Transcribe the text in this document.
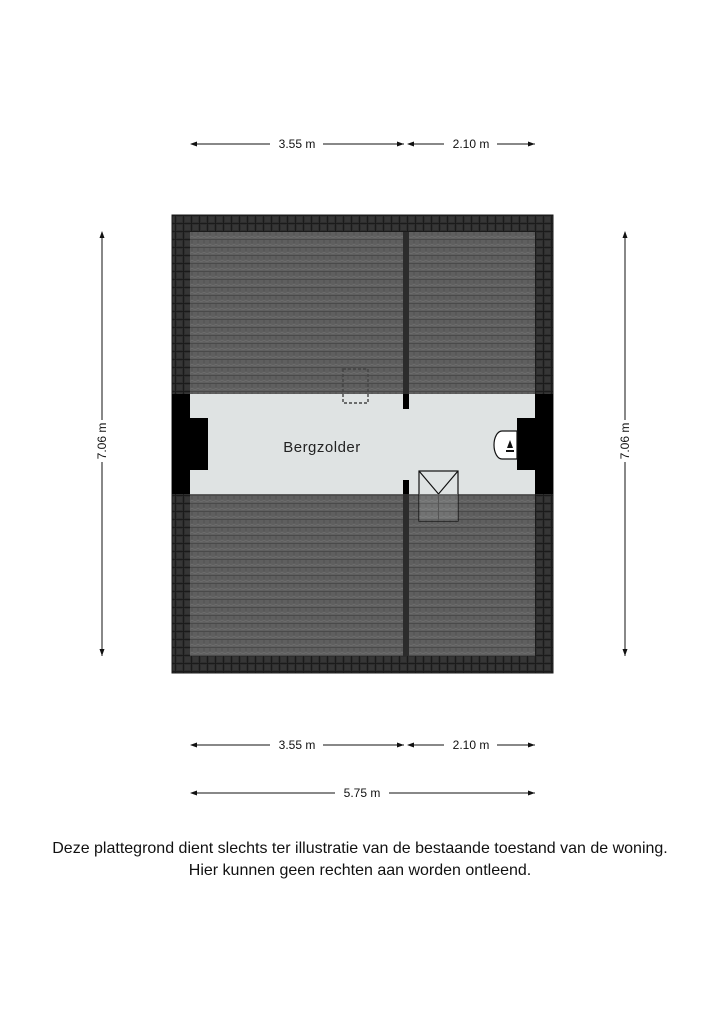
3.55 m	2.10 m
7.06 m	7.06 m
Bergzolder
3.55 m	2.10 m
5.75 m
Deze plattegrond dient slechts ter illustratie van de bestaande toestand van de woning.
Hier kunnen geen rechten aan worden ontleend.
